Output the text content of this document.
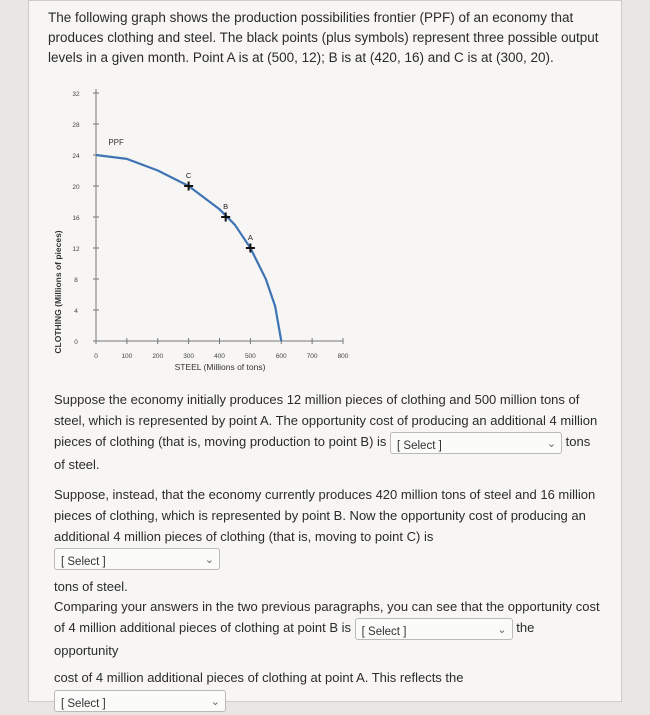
The following graph shows the production possibilities frontier (PPF) of an economy that produces clothing and steel. The black points (plus symbols) represent three possible output levels in a given month. Point A is at (500, 12); B is at (420, 16) and C is at (300, 20).
CLOTHING (Millions of pieces)
STEEL (Millions of tons)
0
4
8
12
16
20
24
28
32
0	100	200	300	400	500	600	700	800
PPF
A
B
C
Suppose the economy initially produces 12 million pieces of clothing and 500 million tons of steel, which is represented by point A. The opportunity cost of producing an additional 4 million pieces of clothing (that is, moving production to point B) is [ Select ]	⌄ tons of steel.
Suppose, instead, that the economy currently produces 420 million tons of steel and 16 million pieces of clothing, which is represented by point B. Now the opportunity cost of producing an additional 4 million pieces of clothing (that is, moving to point C) is
[ Select ]	⌄
tons of steel.
Comparing your answers in the two previous paragraphs, you can see that the opportunity cost of 4 million additional pieces of clothing at point B is [ Select ]	⌄ the opportunity
cost of 4 million additional pieces of clothing at point A. This reflects the
[ Select ]	⌄
